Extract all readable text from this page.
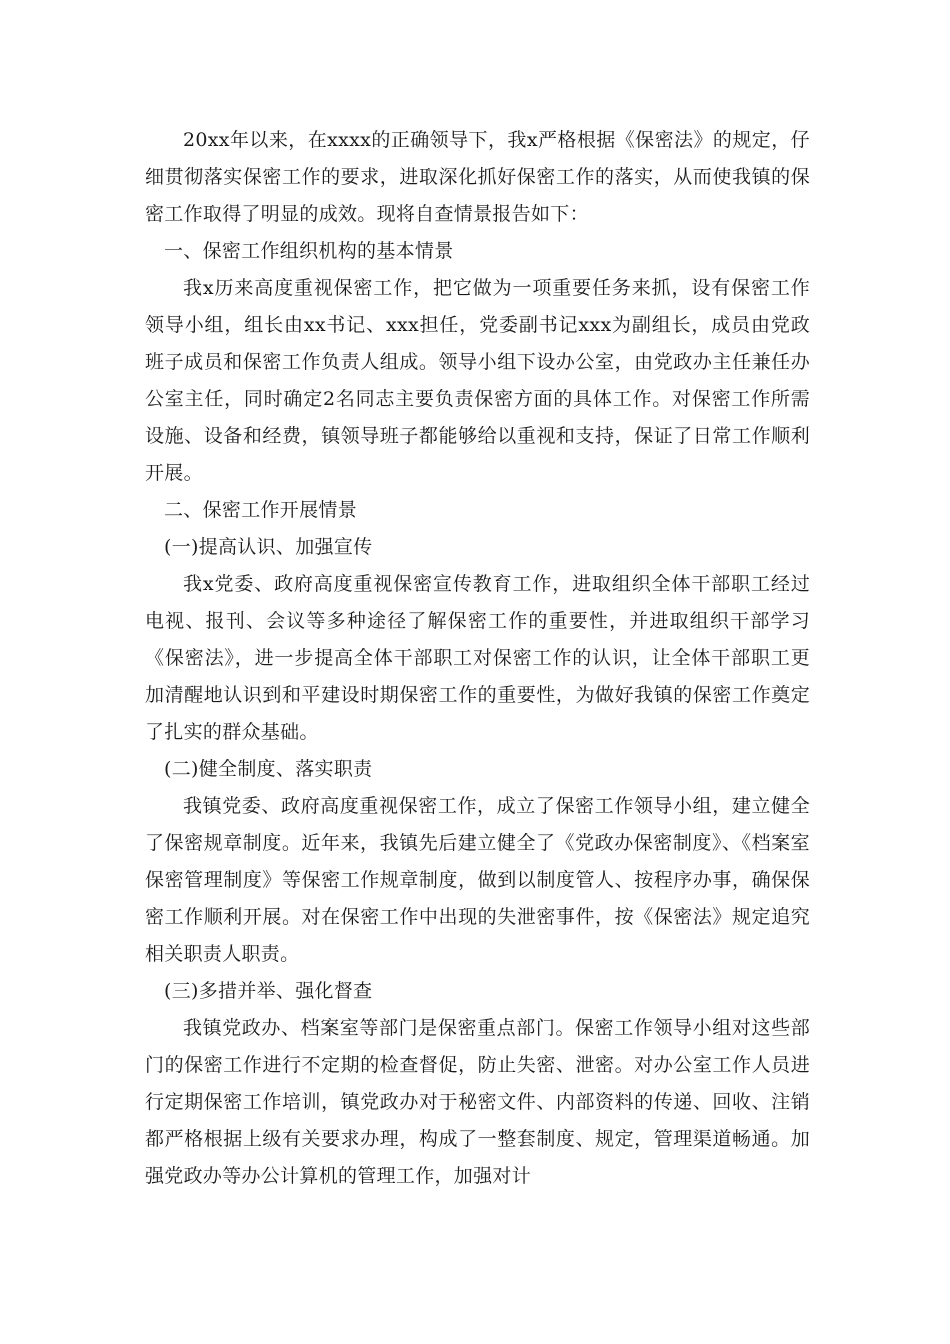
20xx年以来，在xxxx的正确领导下，我x严格根据《保密法》的规定，仔细贯彻落实保密工作的要求，进取深化抓好保密工作的落实，从而使我镇的保密工作取得了明显的成效。现将自查情景报告如下：

一、保密工作组织机构的基本情景

我x历来高度重视保密工作，把它做为一项重要任务来抓，设有保密工作领导小组，组长由xx书记、xxx担任，党委副书记xxx为副组长，成员由党政班子成员和保密工作负责人组成。领导小组下设办公室，由党政办主任兼任办公室主任，同时确定2名同志主要负责保密方面的具体工作。对保密工作所需设施、设备和经费，镇领导班子都能够给以重视和支持，保证了日常工作顺利开展。

二、保密工作开展情景

(一)提高认识、加强宣传

我x党委、政府高度重视保密宣传教育工作，进取组织全体干部职工经过电视、报刊、会议等多种途径了解保密工作的重要性，并进取组织干部学习《保密法》，进一步提高全体干部职工对保密工作的认识，让全体干部职工更加清醒地认识到和平建设时期保密工作的重要性，为做好我镇的保密工作奠定了扎实的群众基础。

(二)健全制度、落实职责

我镇党委、政府高度重视保密工作，成立了保密工作领导小组，建立健全了保密规章制度。近年来，我镇先后建立健全了《党政办保密制度》、《档案室保密管理制度》等保密工作规章制度，做到以制度管人、按程序办事，确保保密工作顺利开展。对在保密工作中出现的失泄密事件，按《保密法》规定追究相关职责人职责。

(三)多措并举、强化督查

我镇党政办、档案室等部门是保密重点部门。保密工作领导小组对这些部门的保密工作进行不定期的检查督促，防止失密、泄密。对办公室工作人员进行定期保密工作培训，镇党政办对于秘密文件、内部资料的传递、回收、注销都严格根据上级有关要求办理，构成了一整套制度、规定，管理渠道畅通。加强党政办等办公计算机的管理工作，加强对计
